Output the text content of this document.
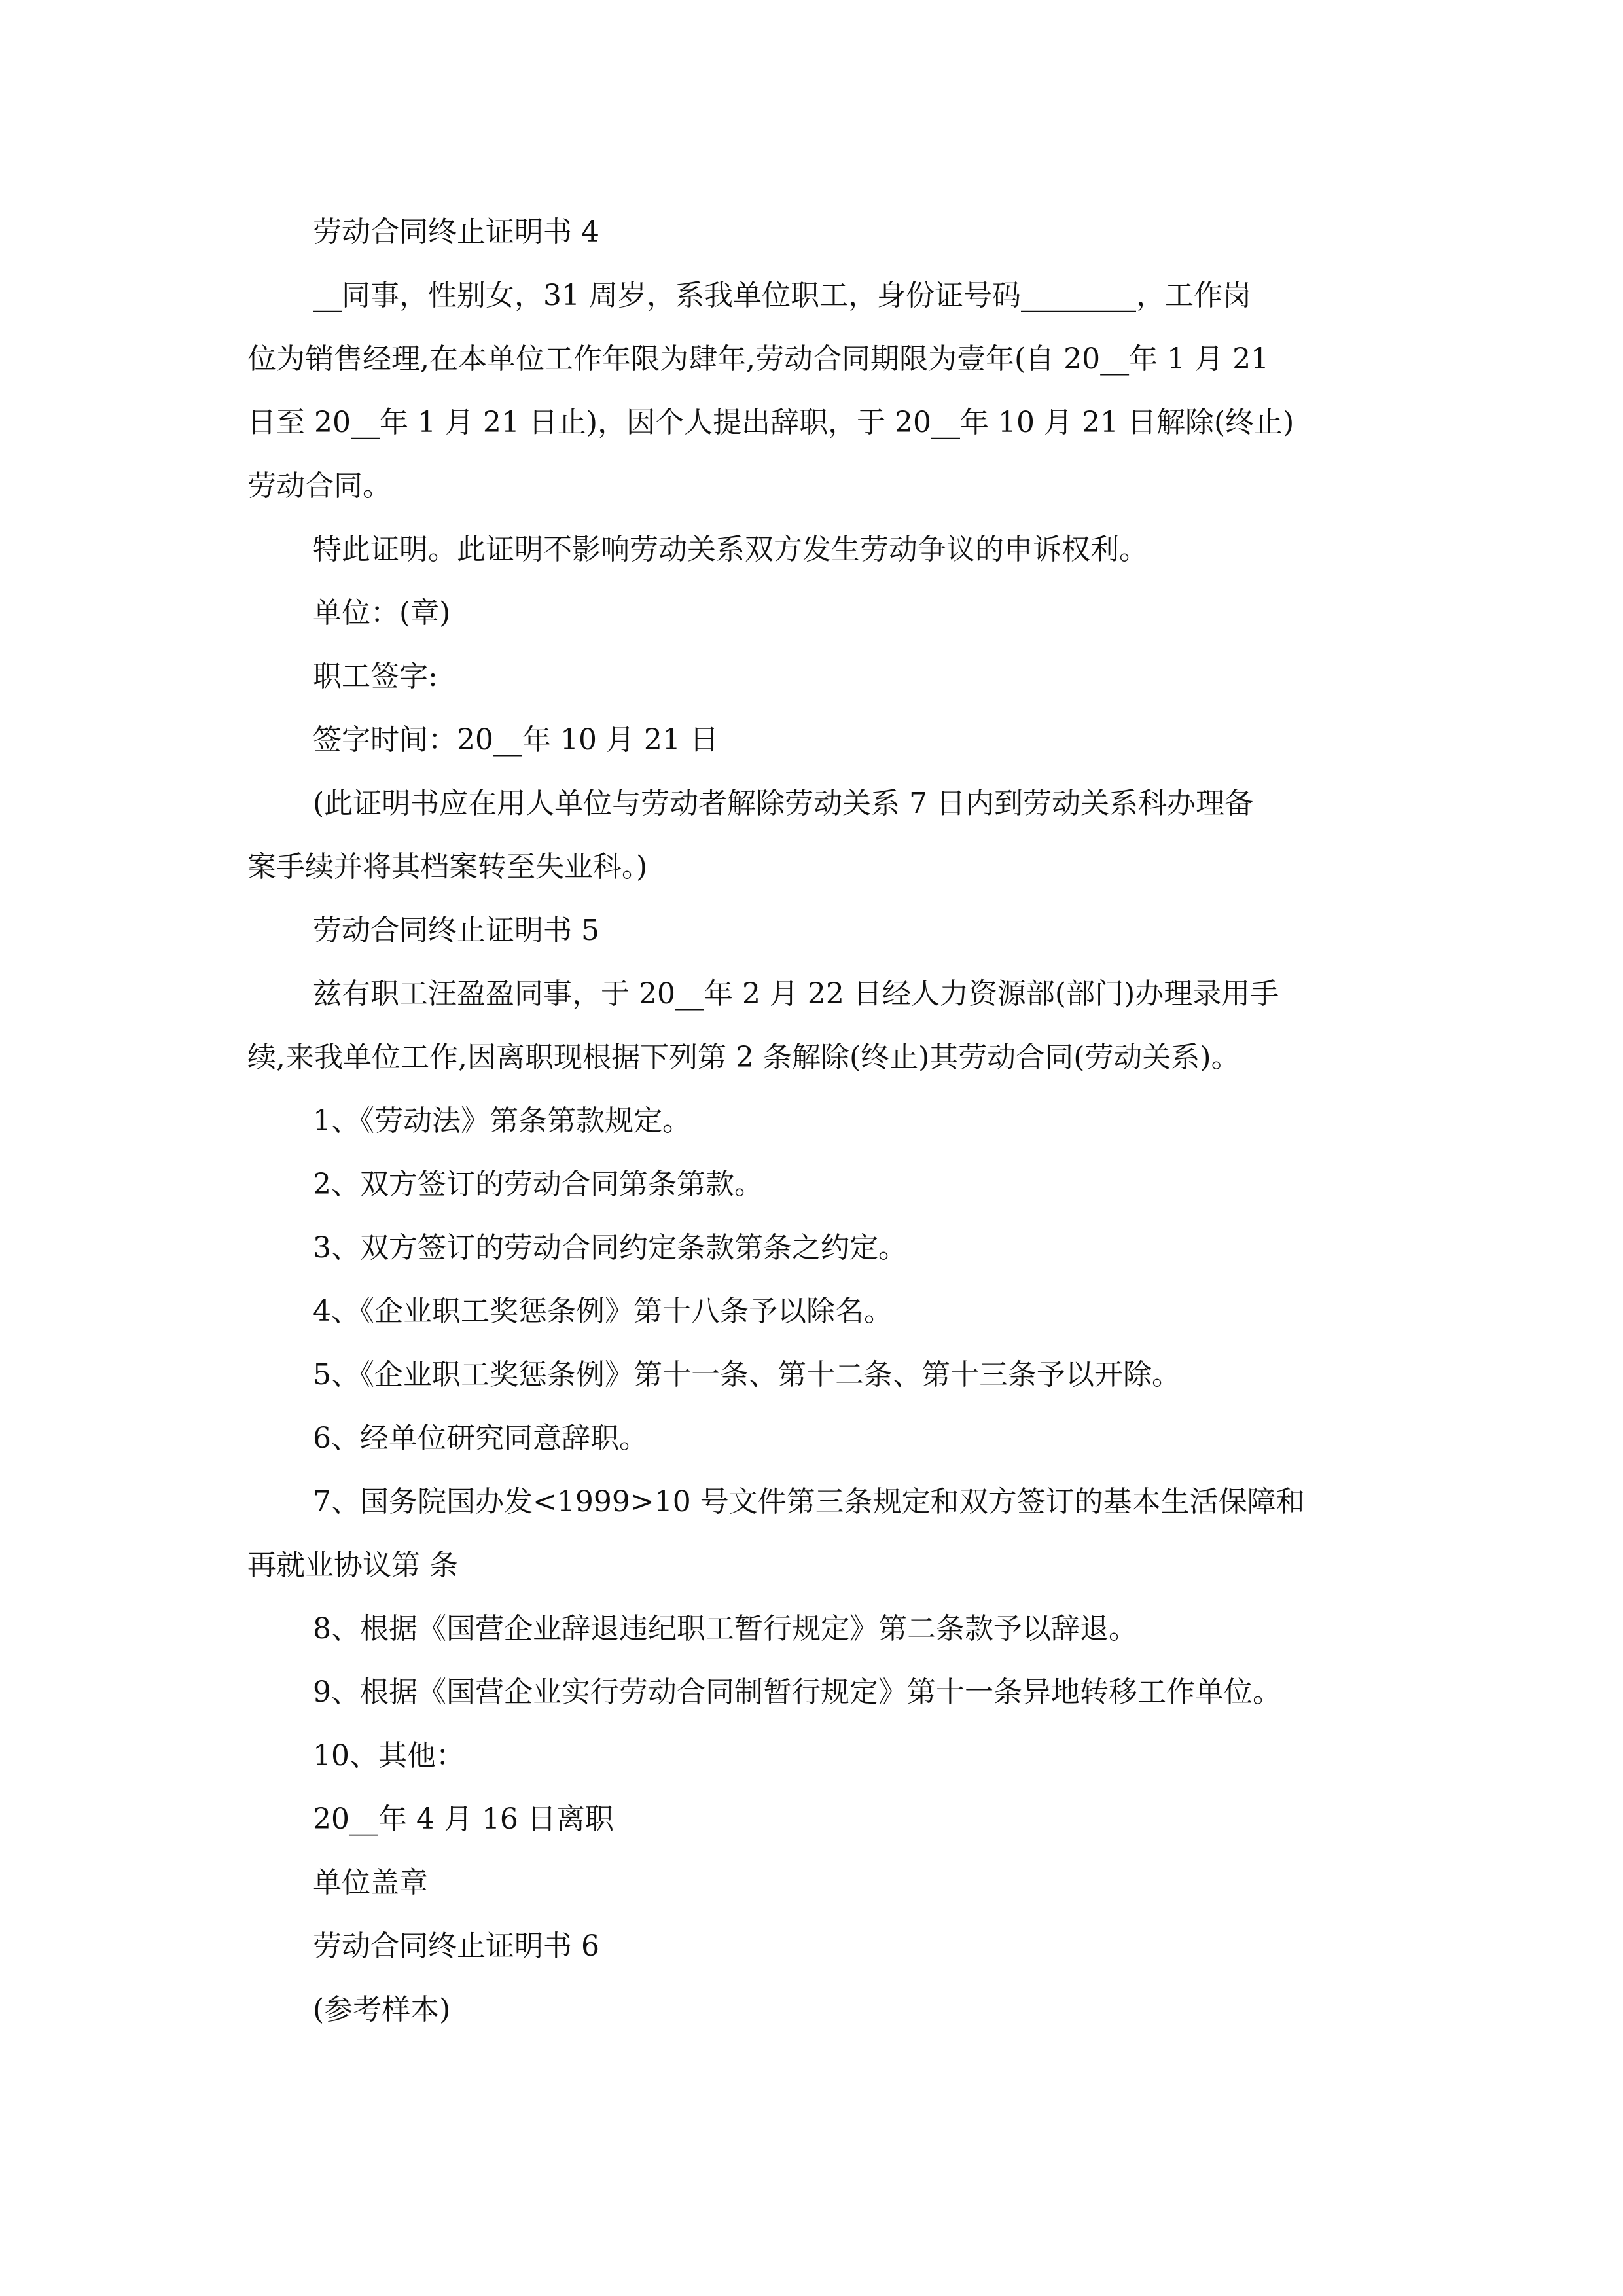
劳动合同终止证明书 4

__同事，性别女，31 周岁，系我单位职工，身份证号码________，工作岗

位为销售经理,在本单位工作年限为肆年,劳动合同期限为壹年(自 20__年 1 月 21

日至 20__年 1 月 21 日止)，因个人提出辞职，于 20__年 10 月 21 日解除(终止)

劳动合同。

特此证明。此证明不影响劳动关系双方发生劳动争议的申诉权利。

单位：(章)

职工签字:

签字时间：20__年 10 月 21 日

(此证明书应在用人单位与劳动者解除劳动关系 7 日内到劳动关系科办理备

案手续并将其档案转至失业科。)

劳动合同终止证明书 5

兹有职工汪盈盈同事，于 20__年 2 月 22 日经人力资源部(部门)办理录用手

续,来我单位工作,因离职现根据下列第 2 条解除(终止)其劳动合同(劳动关系)。

1、《劳动法》第条第款规定。

2、双方签订的劳动合同第条第款。

3、双方签订的劳动合同约定条款第条之约定。

4、《企业职工奖惩条例》第十八条予以除名。

5、《企业职工奖惩条例》第十一条、第十二条、第十三条予以开除。

6、经单位研究同意辞职。

7、国务院国办发<1999>10 号文件第三条规定和双方签订的基本生活保障和

再就业协议第 条

8、根据《国营企业辞退违纪职工暂行规定》第二条款予以辞退。

9、根据《国营企业实行劳动合同制暂行规定》第十一条异地转移工作单位。

10、其他：

20__年 4 月 16 日离职

单位盖章

劳动合同终止证明书 6

(参考样本)
